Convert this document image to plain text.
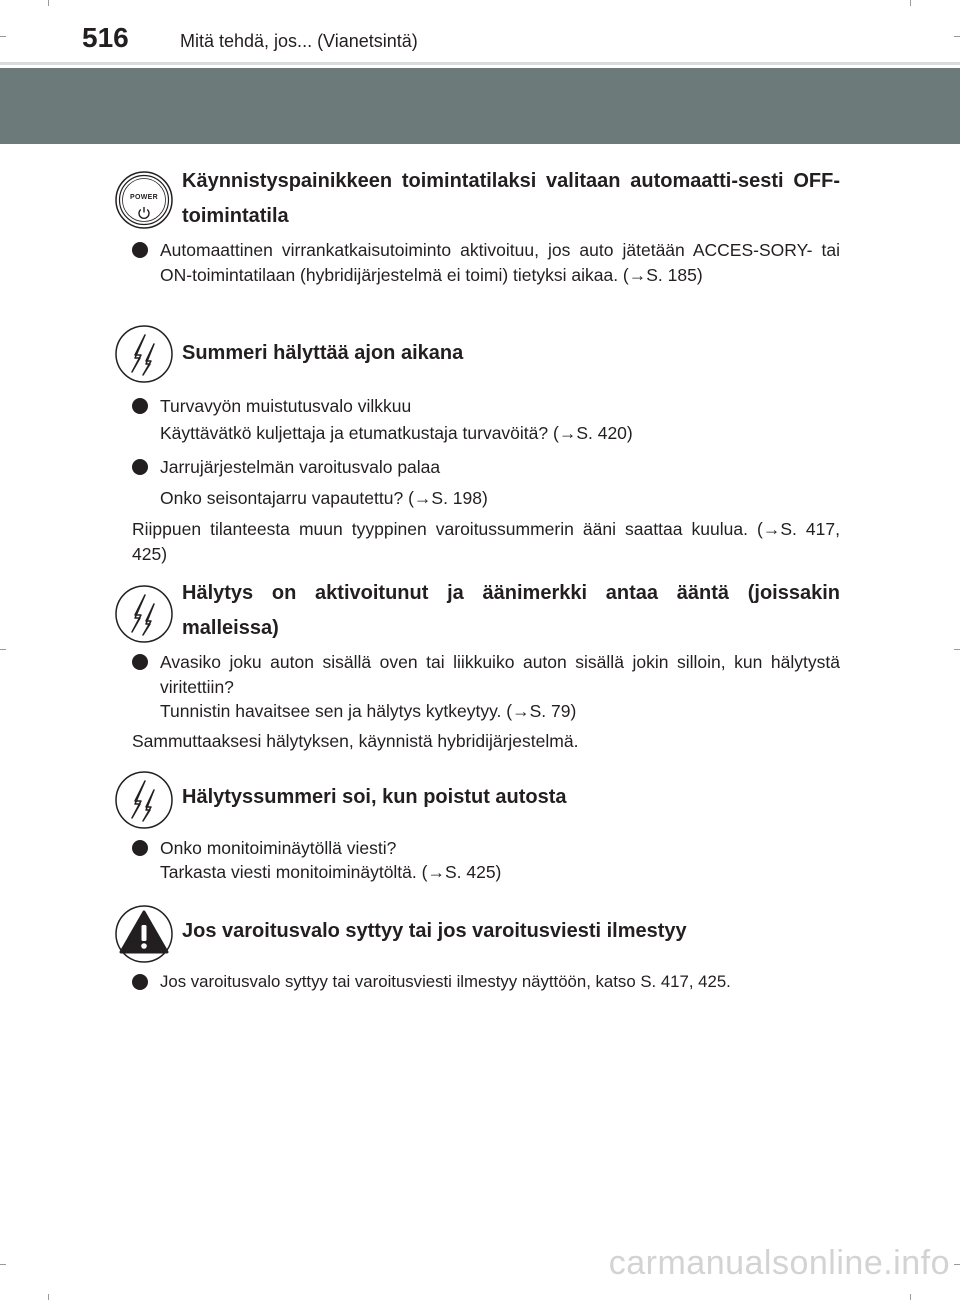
516	Mitä tehdä, jos... (Vianetsintä)
POWER
Käynnistyspainikkeen toimintatilaksi valitaan automaatti-sesti OFF-toimintatila
Automaattinen virrankatkaisutoiminto aktivoituu, jos auto jätetään ACCES-SORY- tai ON-toimintatilaan (hybridijärjestelmä ei toimi) tietyksi aikaa. (→S. 185)
Summeri hälyttää ajon aikana
Turvavyön muistutusvalo vilkkuu
Käyttävätkö kuljettaja ja etumatkustaja turvavöitä? (→S. 420)
Jarrujärjestelmän varoitusvalo palaa
Onko seisontajarru vapautettu? (→S. 198)
Riippuen tilanteesta muun tyyppinen varoitussummerin ääni saattaa kuulua. (→S. 417, 425)
Hälytys on aktivoitunut ja äänimerkki antaa ääntä (joissakin malleissa)
Avasiko joku auton sisällä oven tai liikkuiko auton sisällä jokin silloin, kun hälytystä viritettiin?
Tunnistin havaitsee sen ja hälytys kytkeytyy. (→S. 79)
Sammuttaaksesi hälytyksen, käynnistä hybridijärjestelmä.
Hälytyssummeri soi, kun poistut autosta
Onko monitoiminäytöllä viesti?
Tarkasta viesti monitoiminäytöltä. (→S. 425)
Jos varoitusvalo syttyy tai jos varoitusviesti ilmestyy
Jos varoitusvalo syttyy tai varoitusviesti ilmestyy näyttöön, katso S. 417, 425.
carmanualsonline.info
